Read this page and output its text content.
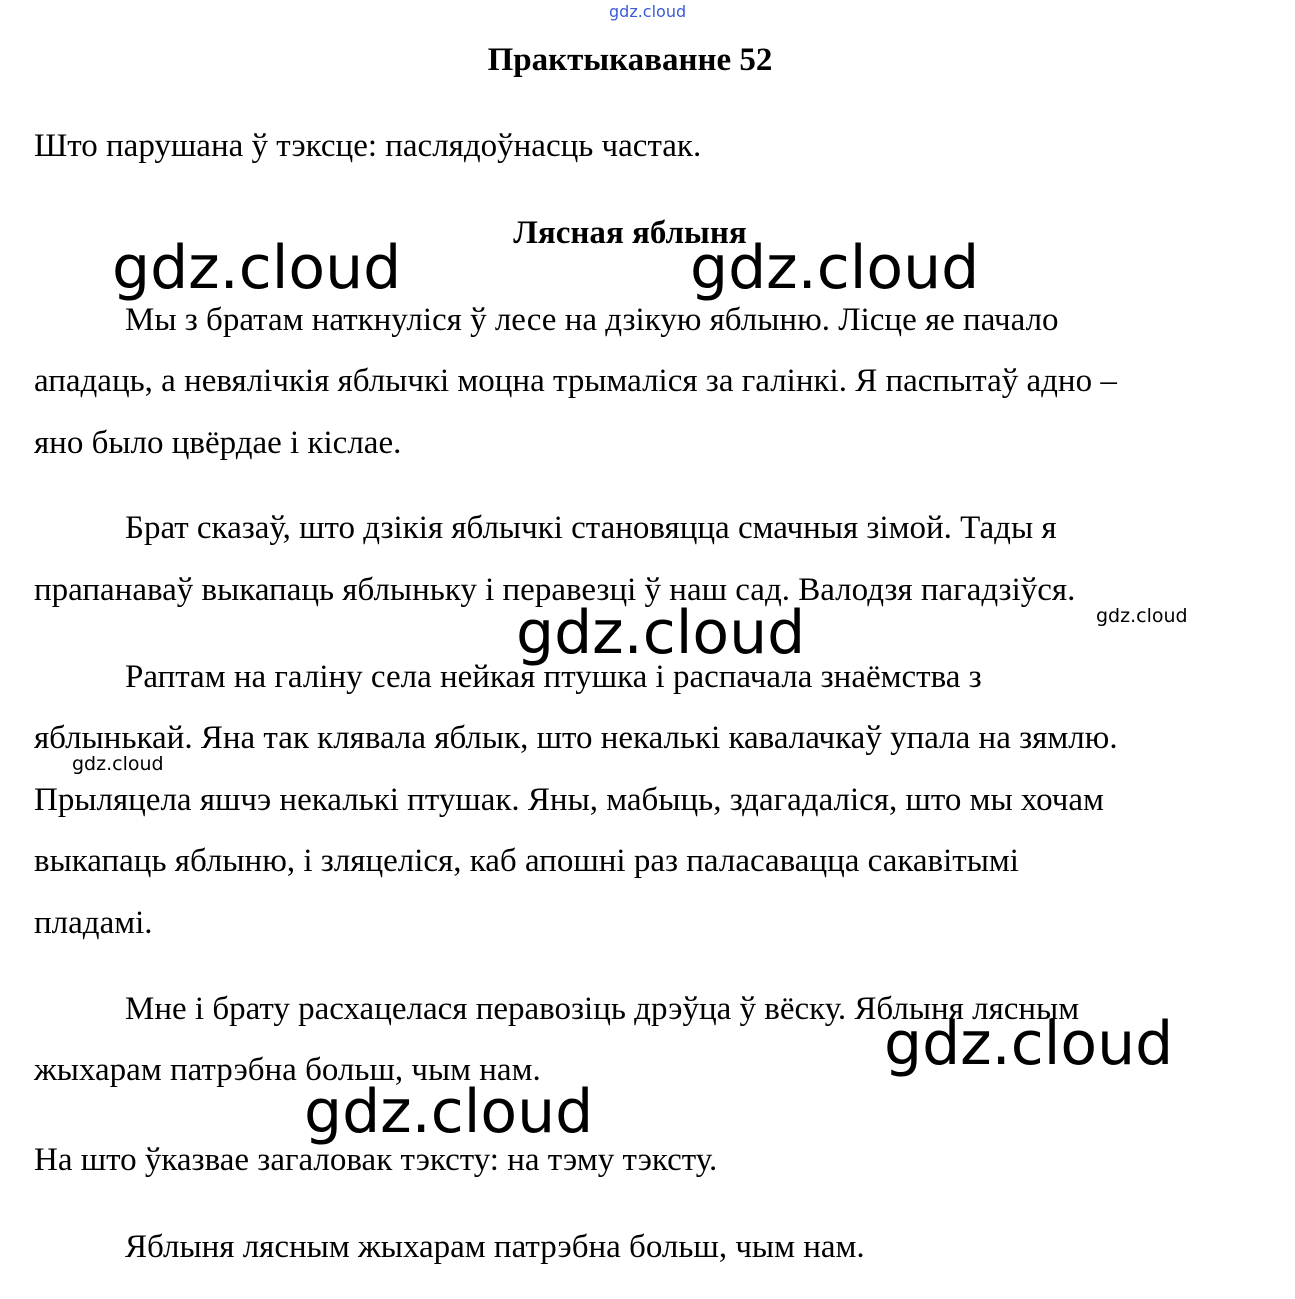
gdz.cloud
Практыкаванне 52
Што парушана ў тэксце: паслядоўнасць частак.
Лясная яблыня
Мы з братам наткнуліся ў лесе на дзікую яблыню. Лісце яе пачало
ападаць, а невялічкія яблычкі моцна трымаліся за галінкі. Я паспытаў адно –
яно было цвёрдае і кіслае.
Брат сказаў, што дзікія яблычкі становяцца смачныя зімой. Тады я
прапанаваў выкапаць яблыньку і перавезці ў наш сад. Валодзя пагадзіўся.
Раптам на галіну села нейкая птушка і распачала знаёмства з
яблынькай. Яна так клявала яблык, што некалькі кавалачкаў упала на зямлю.
Прыляцела яшчэ некалькі птушак. Яны, мабыць, здагадаліся, што мы хочам
выкапаць яблыню, і зляцеліся, каб апошні раз паласавацца сакавітымі
пладамі.
Мне і брату расхацелася перавозіць дрэўца ў вёску. Яблыня лясным
жыхарам патрэбна больш, чым нам.
На што ўказвае загаловак тэксту: на тэму тэксту.
Яблыня лясным жыхарам патрэбна больш, чым нам.
gdz.cloud	gdz.cloud
gdz.cloud	gdz.cloud
gdz.cloud
gdz.cloud
gdz.cloud
